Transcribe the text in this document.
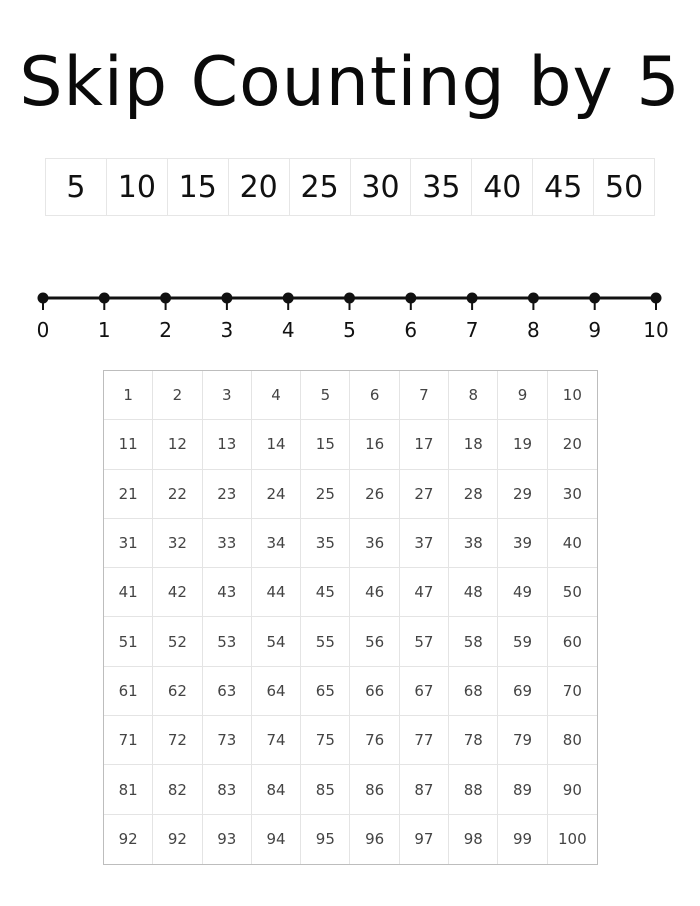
Skip Counting by 5
5	10 15 20 25 30 35 40 45 50
0	1	2	3	4	5	6	7	8	9	10
1	2	3	4	5	6	7	8	9	10
11	12	13	14	15	16	17	18	19	20
21	22	23	24	25	26	27	28	29	30
31	32	33	34	35	36	37	38	39	40
41	42	43	44	45	46	47	48	49	50
51	52	53	54	55	56	57	58	59	60
61	62	63	64	65	66	67	68	69	70
71	72	73	74	75	76	77	78	79	80
81	82	83	84	85	86	87	88	89	90
92	92	93	94	95	96	97	98	99	100
